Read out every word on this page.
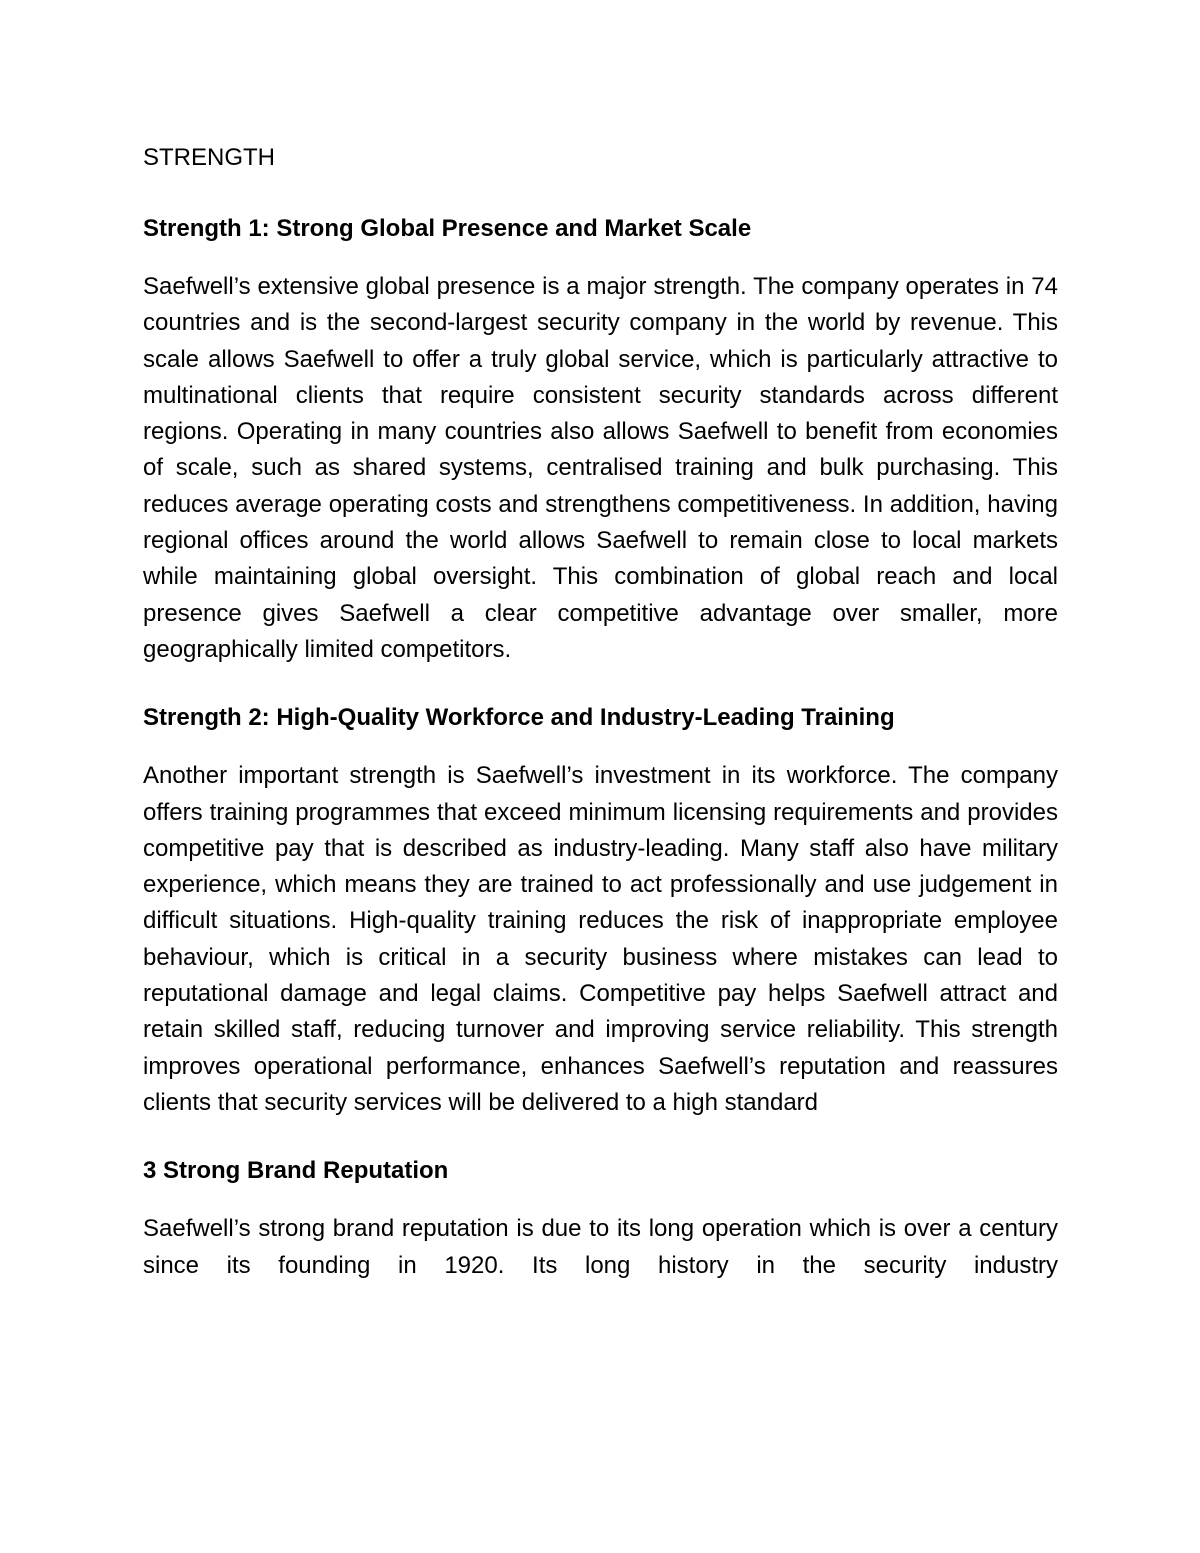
STRENGTH
Strength 1: Strong Global Presence and Market Scale

Saefwell’s extensive global presence is a major strength. The company operates in 74 countries and is the second-largest security company in the world by revenue. This scale allows Saefwell to offer a truly global service, which is particularly attractive to multinational clients that require consistent security standards across different regions. Operating in many countries also allows Saefwell to benefit from economies of scale, such as shared systems, centralised training and bulk purchasing. This reduces average operating costs and strengthens competitiveness. In addition, having regional offices around the world allows Saefwell to remain close to local markets while maintaining global oversight. This combination of global reach and local presence gives Saefwell a clear competitive advantage over smaller, more geographically limited competitors.

Strength 2: High-Quality Workforce and Industry-Leading Training

Another important strength is Saefwell’s investment in its workforce. The company offers training programmes that exceed minimum licensing requirements and provides competitive pay that is described as industry-leading. Many staff also have military experience, which means they are trained to act professionally and use judgement in difficult situations. High-quality training reduces the risk of inappropriate employee behaviour, which is critical in a security business where mistakes can lead to reputational damage and legal claims. Competitive pay helps Saefwell attract and retain skilled staff, reducing turnover and improving service reliability. This strength improves operational performance, enhances Saefwell’s reputation and reassures clients that security services will be delivered to a high standard

3 Strong Brand Reputation

Saefwell’s strong brand reputation is due to its long operation which is over a century since its founding in 1920. Its long history in the security industry
